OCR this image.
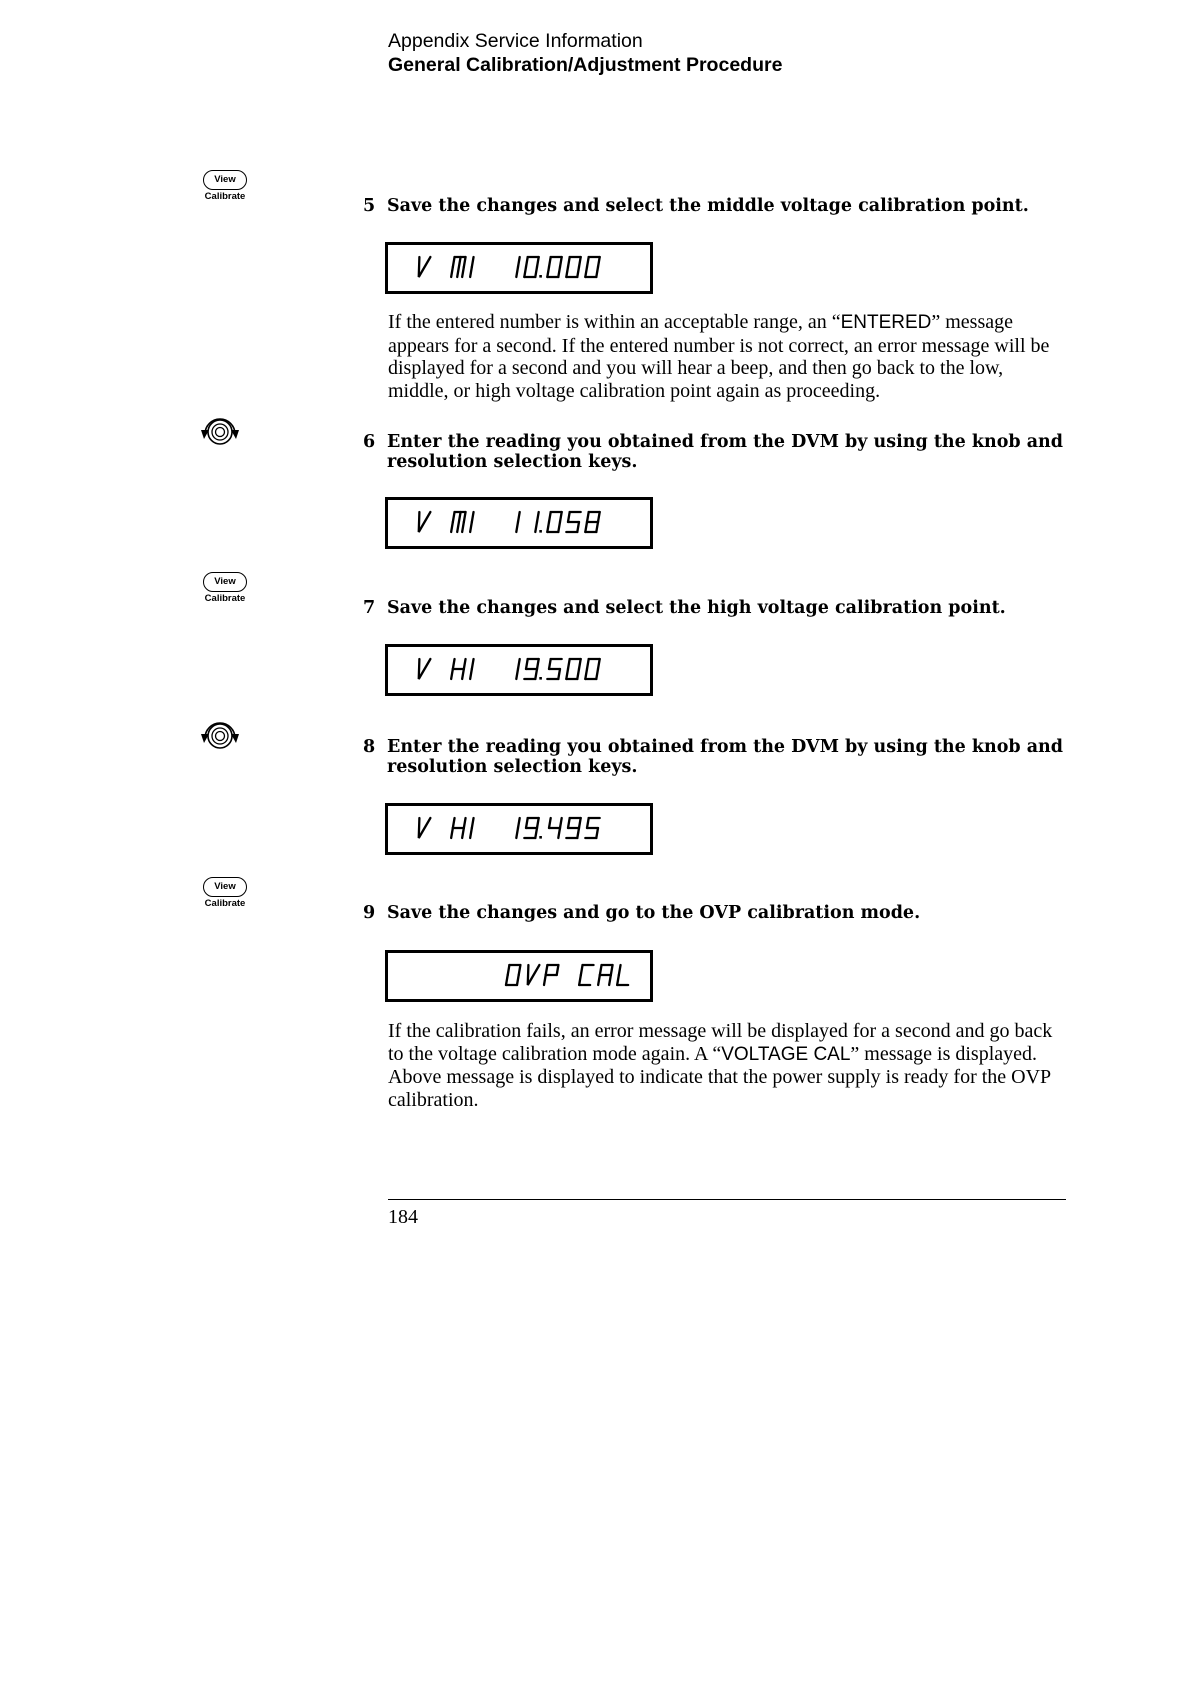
Appendix Service Information
General Calibration/Adjustment Procedure
View
Calibrate	5 Save the changes and select the middle voltage calibration point.
If the entered number is within an acceptable range, an “ENTERED” message appears for a second. If the entered number is not correct, an error message will be displayed for a second and you will hear a beep, and then go back to the low, middle, or high voltage calibration point again as proceeding.
6 Enter the reading you obtained from the DVM by using the knob and resolution selection keys.
View
Calibrate	7 Save the changes and select the high voltage calibration point.
8 Enter the reading you obtained from the DVM by using the knob and resolution selection keys.
View
Calibrate	9 Save the changes and go to the OVP calibration mode.
If the calibration fails, an error message will be displayed for a second and go back to the voltage calibration mode again. A “VOLTAGE CAL” message is displayed. Above message is displayed to indicate that the power supply is ready for the OVP calibration.
184
